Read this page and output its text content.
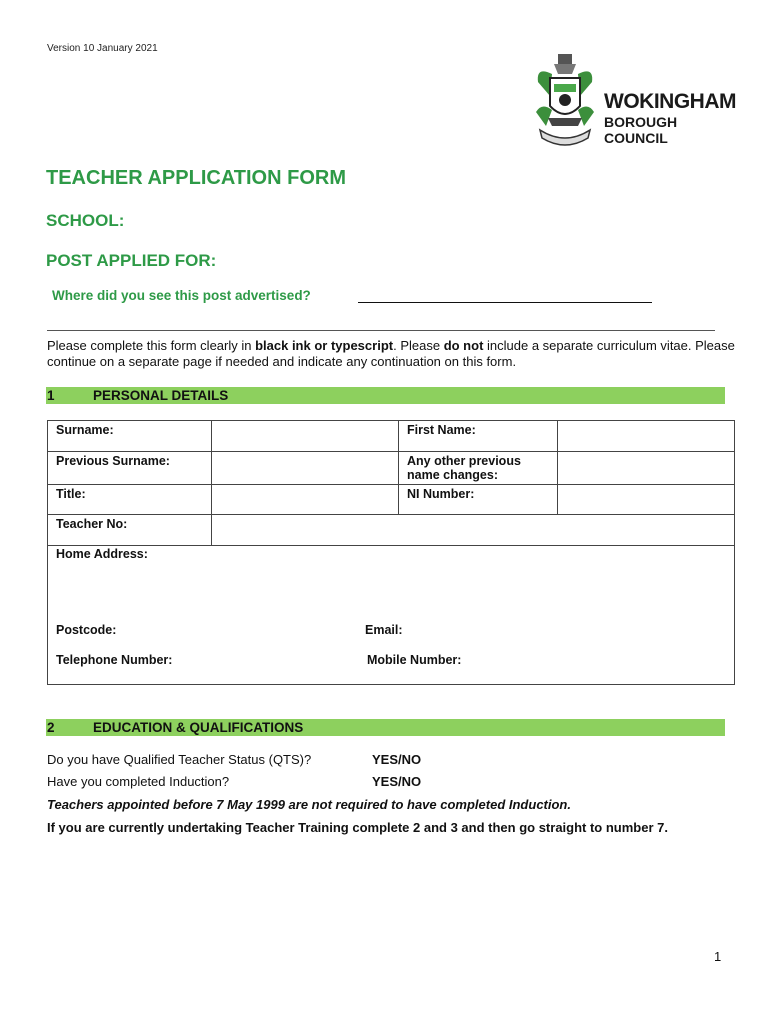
Version 10 January 2021
WOKINGHAM
BOROUGH COUNCIL
TEACHER APPLICATION FORM
SCHOOL:
POST APPLIED FOR:
Where did you see this post advertised?
Please complete this form clearly in black ink or typescript. Please do not include a separate curriculum vitae. Please continue on a separate page if needed and indicate any continuation on this form.
1	PERSONAL DETAILS
Surname:		First Name:	
Previous Surname:		Any other previous name changes:	
Title:		NI Number:	
Teacher No:			
Home Address:
Postcode:	Email:
Telephone Number:	Mobile Number:
2	EDUCATION & QUALIFICATIONS
Do you have Qualified Teacher Status (QTS)?	YES/NO
Have you completed Induction?	YES/NO
Teachers appointed before 7 May 1999 are not required to have completed Induction.
If you are currently undertaking Teacher Training complete 2 and 3 and then go straight to number 7.
1
